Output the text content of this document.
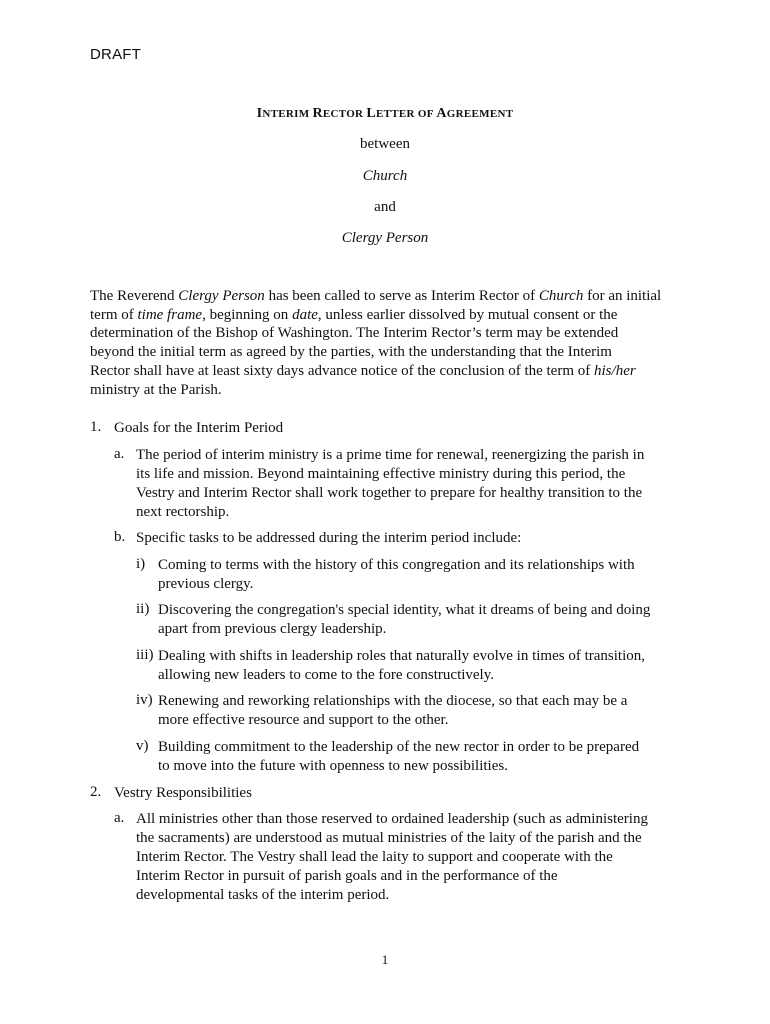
DRAFT
INTERIM RECTOR LETTER OF AGREEMENT
between
Church
and
Clergy Person
The Reverend Clergy Person has been called to serve as Interim Rector of Church for an initial
term of time frame, beginning on date, unless earlier dissolved by mutual consent or the
determination of the Bishop of Washington. The Interim Rector’s term may be extended
beyond the initial term as agreed by the parties, with the understanding that the Interim
Rector shall have at least sixty days advance notice of the conclusion of the term of his/her
ministry at the Parish.
1. Goals for the Interim Period
a. The period of interim ministry is a prime time for renewal, reenergizing the parish in
its life and mission. Beyond maintaining effective ministry during this period, the
Vestry and Interim Rector shall work together to prepare for healthy transition to the
next rectorship.
b. Specific tasks to be addressed during the interim period include:
i) Coming to terms with the history of this congregation and its relationships with
previous clergy.
ii) Discovering the congregation's special identity, what it dreams of being and doing
apart from previous clergy leadership.
iii) Dealing with shifts in leadership roles that naturally evolve in times of transition,
allowing new leaders to come to the fore constructively.
iv) Renewing and reworking relationships with the diocese, so that each may be a
more effective resource and support to the other.
v) Building commitment to the leadership of the new rector in order to be prepared
to move into the future with openness to new possibilities.
2. Vestry Responsibilities
a. All ministries other than those reserved to ordained leadership (such as administering
the sacraments) are understood as mutual ministries of the laity of the parish and the
Interim Rector. The Vestry shall lead the laity to support and cooperate with the
Interim Rector in pursuit of parish goals and in the performance of the
developmental tasks of the interim period.
1
